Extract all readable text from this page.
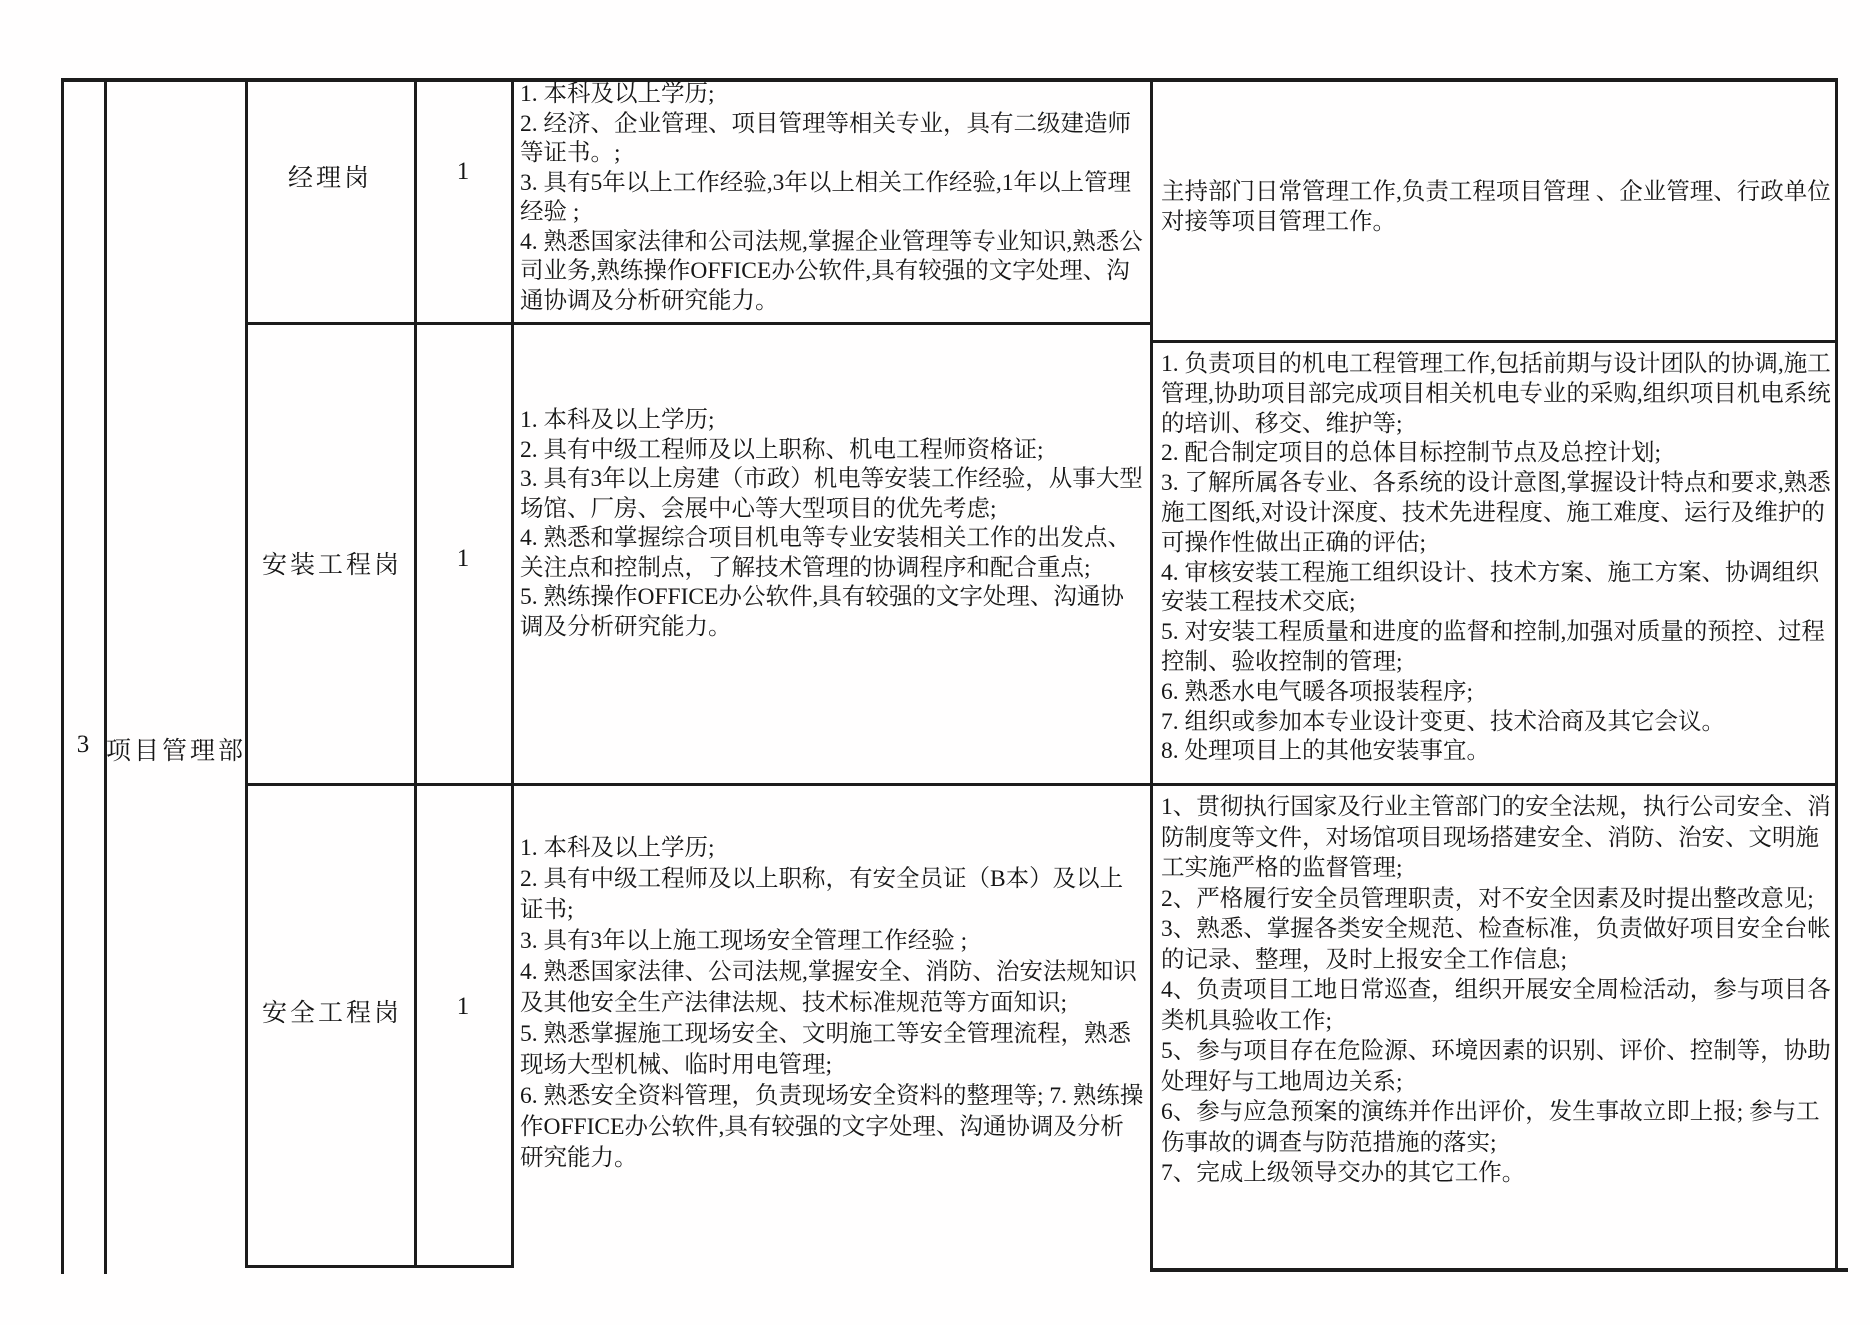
3 项目管理部
经理岗	1
安装工程岗 1
安全工程岗 1
1. 本科及以上学历;
2. 经济、企业管理、项目管理等相关专业，具有二级建造师等证书。;
3. 具有5年以上工作经验,3年以上相关工作经验,1年以上管理经验 ;
4. 熟悉国家法律和公司法规,掌握企业管理等专业知识,熟悉公司业务,熟练操作OFFICE办公软件,具有较强的文字处理、沟通协调及分析研究能力。
主持部门日常管理工作,负责工程项目管理 、企业管理、行政单位对接等项目管理工作。
1. 本科及以上学历;
2. 具有中级工程师及以上职称、机电工程师资格证;
3. 具有3年以上房建（市政）机电等安装工作经验，从事大型场馆、厂房、会展中心等大型项目的优先考虑;
4. 熟悉和掌握综合项目机电等专业安装相关工作的出发点、关注点和控制点，了解技术管理的协调程序和配合重点;
5. 熟练操作OFFICE办公软件,具有较强的文字处理、沟通协调及分析研究能力。
1. 负责项目的机电工程管理工作,包括前期与设计团队的协调,施工管理,协助项目部完成项目相关机电专业的采购,组织项目机电系统的培训、移交、维护等;
2. 配合制定项目的总体目标控制节点及总控计划;
3. 了解所属各专业、各系统的设计意图,掌握设计特点和要求,熟悉施工图纸,对设计深度、技术先进程度、施工难度、运行及维护的可操作性做出正确的评估;
4. 审核安装工程施工组织设计、技术方案、施工方案、协调组织安装工程技术交底;
5. 对安装工程质量和进度的监督和控制,加强对质量的预控、过程控制、验收控制的管理;
6. 熟悉水电气暖各项报装程序;
7. 组织或参加本专业设计变更、技术洽商及其它会议。
8. 处理项目上的其他安装事宜。
1. 本科及以上学历;
2. 具有中级工程师及以上职称，有安全员证（B本）及以上证书;
3. 具有3年以上施工现场安全管理工作经验 ;
4. 熟悉国家法律、公司法规,掌握安全、消防、治安法规知识及其他安全生产法律法规、技术标准规范等方面知识;
5. 熟悉掌握施工现场安全、文明施工等安全管理流程，熟悉现场大型机械、临时用电管理;
6. 熟悉安全资料管理，负责现场安全资料的整理等; 7. 熟练操作OFFICE办公软件,具有较强的文字处理、沟通协调及分析研究能力。
1、贯彻执行国家及行业主管部门的安全法规，执行公司安全、消防制度等文件，对场馆项目现场搭建安全、消防、治安、文明施工实施严格的监督管理;
2、严格履行安全员管理职责，对不安全因素及时提出整改意见;
3、熟悉、掌握各类安全规范、检查标准，负责做好项目安全台帐的记录、整理，及时上报安全工作信息;
4、负责项目工地日常巡查，组织开展安全周检活动，参与项目各类机具验收工作;
5、参与项目存在危险源、环境因素的识别、评价、控制等，协助处理好与工地周边关系;
6、参与应急预案的演练并作出评价，发生事故立即上报; 参与工伤事故的调查与防范措施的落实;
7、完成上级领导交办的其它工作。
